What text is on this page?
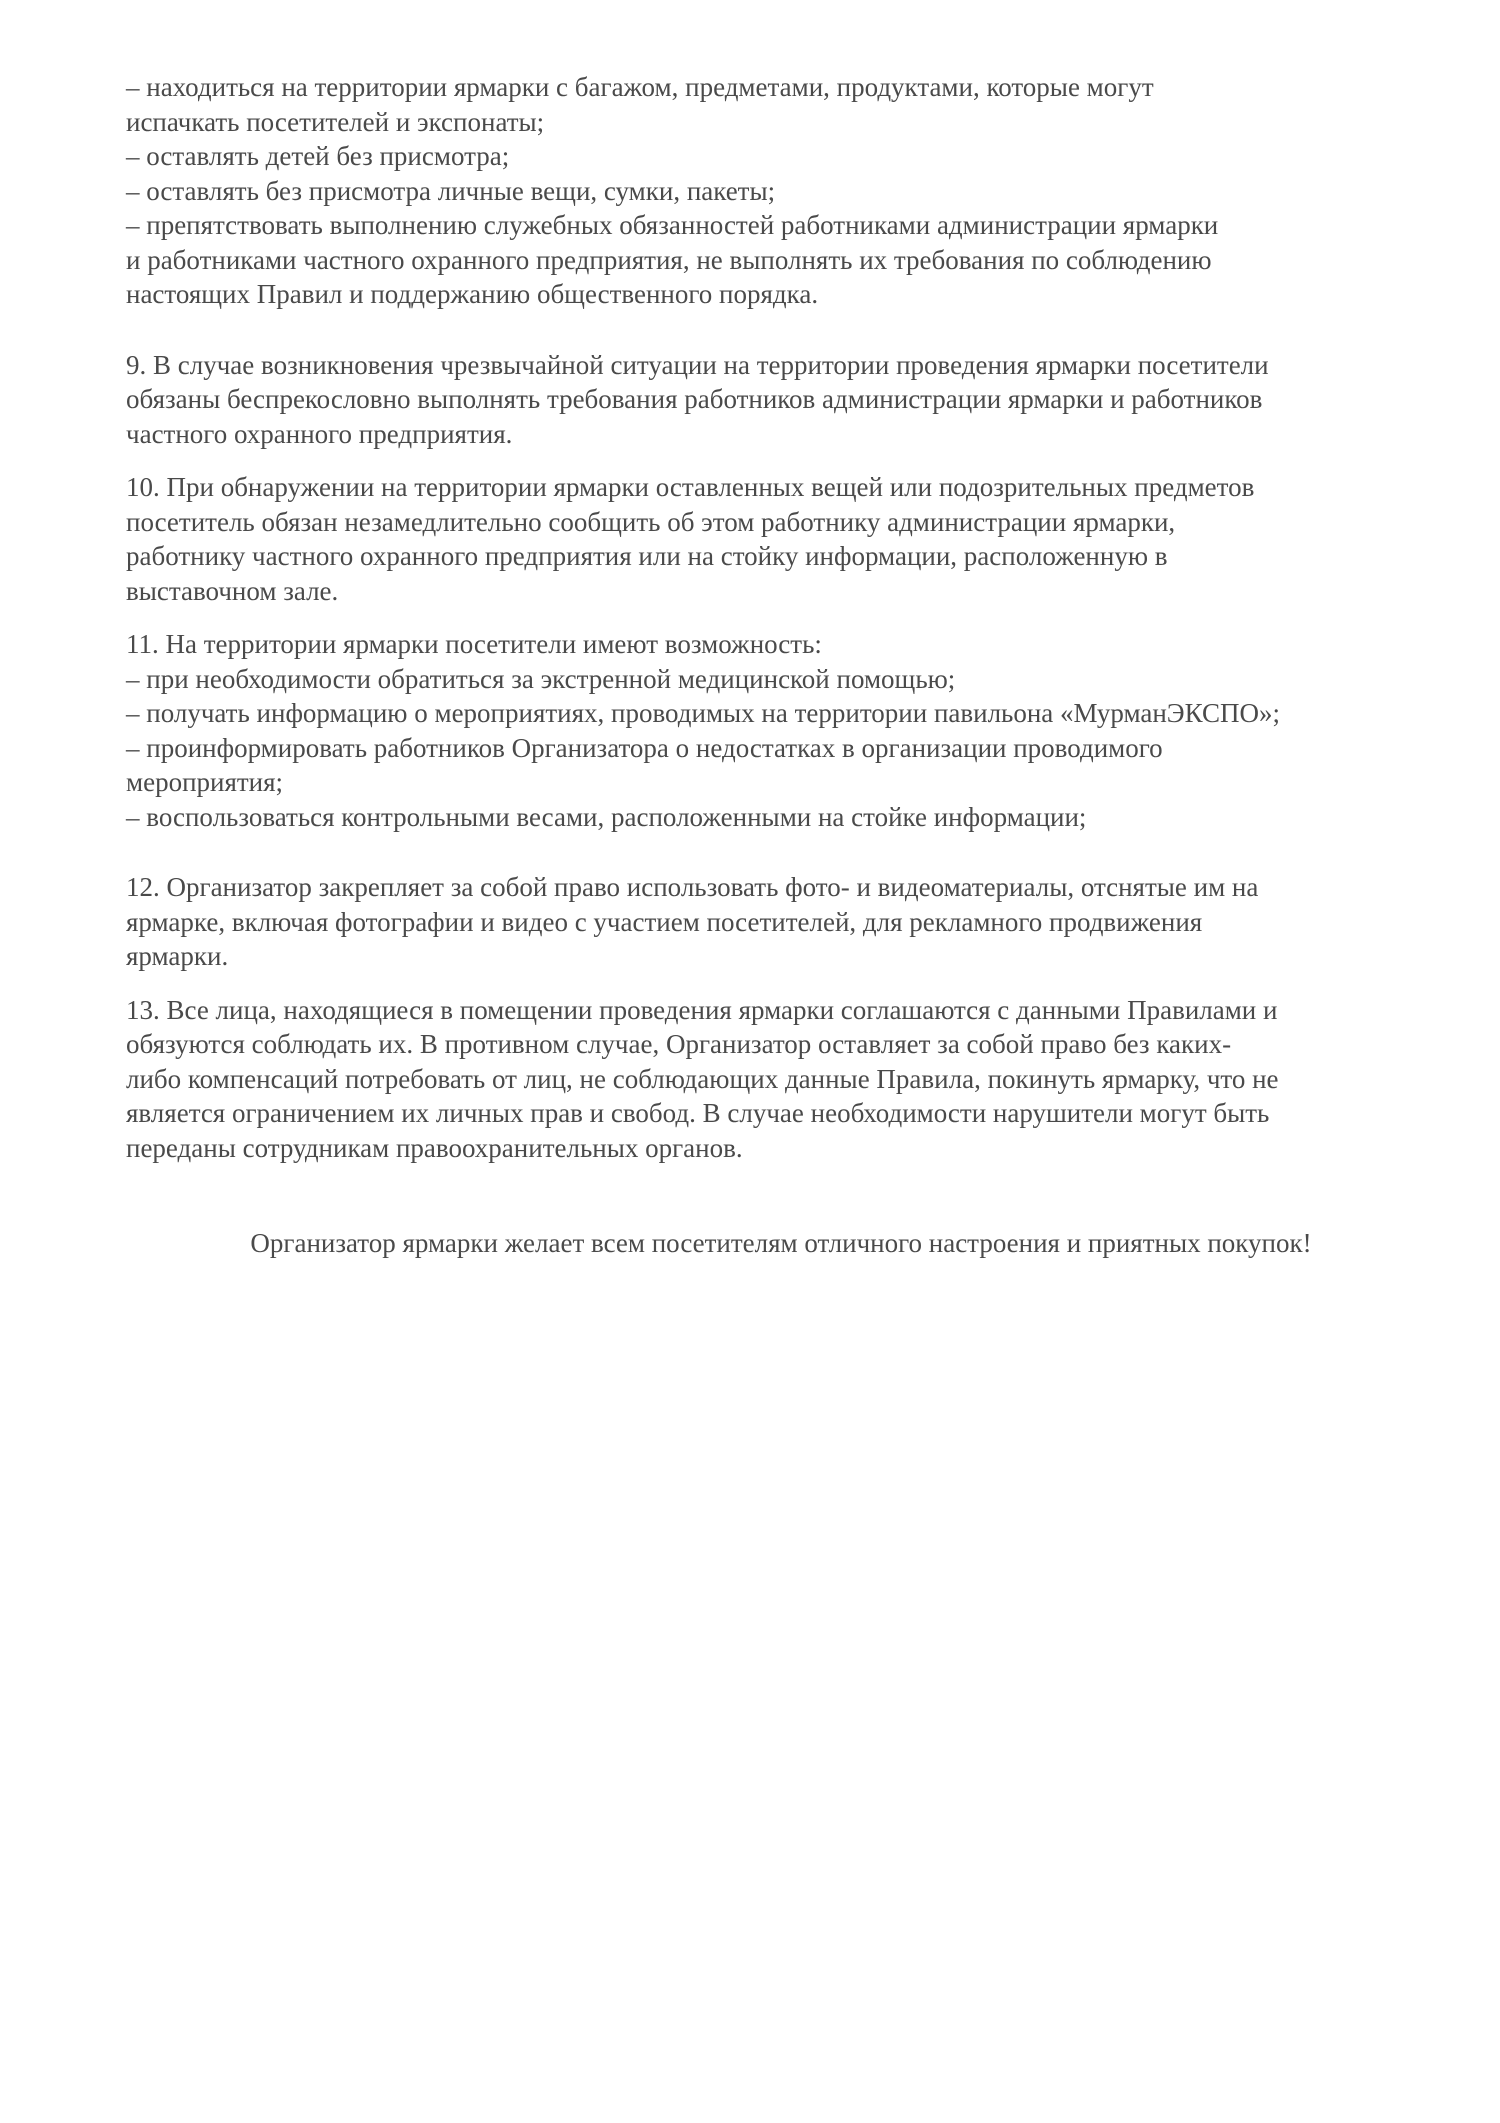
– находиться на территории ярмарки с багажом, предметами, продуктами, которые могут
испачкать посетителей и экспонаты;
– оставлять детей без присмотра;
– оставлять без присмотра личные вещи, сумки, пакеты;
– препятствовать выполнению служебных обязанностей работниками администрации ярмарки
и работниками частного охранного предприятия, не выполнять их требования по соблюдению
настоящих Правил и поддержанию общественного порядка.
9. В случае возникновения чрезвычайной ситуации на территории проведения ярмарки посетители
обязаны беспрекословно выполнять требования работников администрации ярмарки и работников
частного охранного предприятия.
10. При обнаружении на территории ярмарки оставленных вещей или подозрительных предметов
посетитель обязан незамедлительно сообщить об этом работнику администрации ярмарки,
работнику частного охранного предприятия или на стойку информации, расположенную в
выставочном зале.
11. На территории ярмарки посетители имеют возможность:
– при необходимости обратиться за экстренной медицинской помощью;
– получать информацию о мероприятиях, проводимых на территории павильона «МурманЭКСПО»;
– проинформировать работников Организатора о недостатках в организации проводимого
мероприятия;
– воспользоваться контрольными весами, расположенными на стойке информации;
12. Организатор закрепляет за собой право использовать фото- и видеоматериалы, отснятые им на
ярмарке, включая фотографии и видео с участием посетителей, для рекламного продвижения
ярмарки.
13. Все лица, находящиеся в помещении проведения ярмарки соглашаются с данными Правилами и
обязуются соблюдать их. В противном случае, Организатор оставляет за собой право без каких-
либо компенсаций потребовать от лиц, не соблюдающих данные Правила, покинуть ярмарку, что не
является ограничением их личных прав и свобод. В случае необходимости нарушители могут быть
переданы сотрудникам правоохранительных органов.
Организатор ярмарки желает всем посетителям отличного настроения и приятных покупок!
